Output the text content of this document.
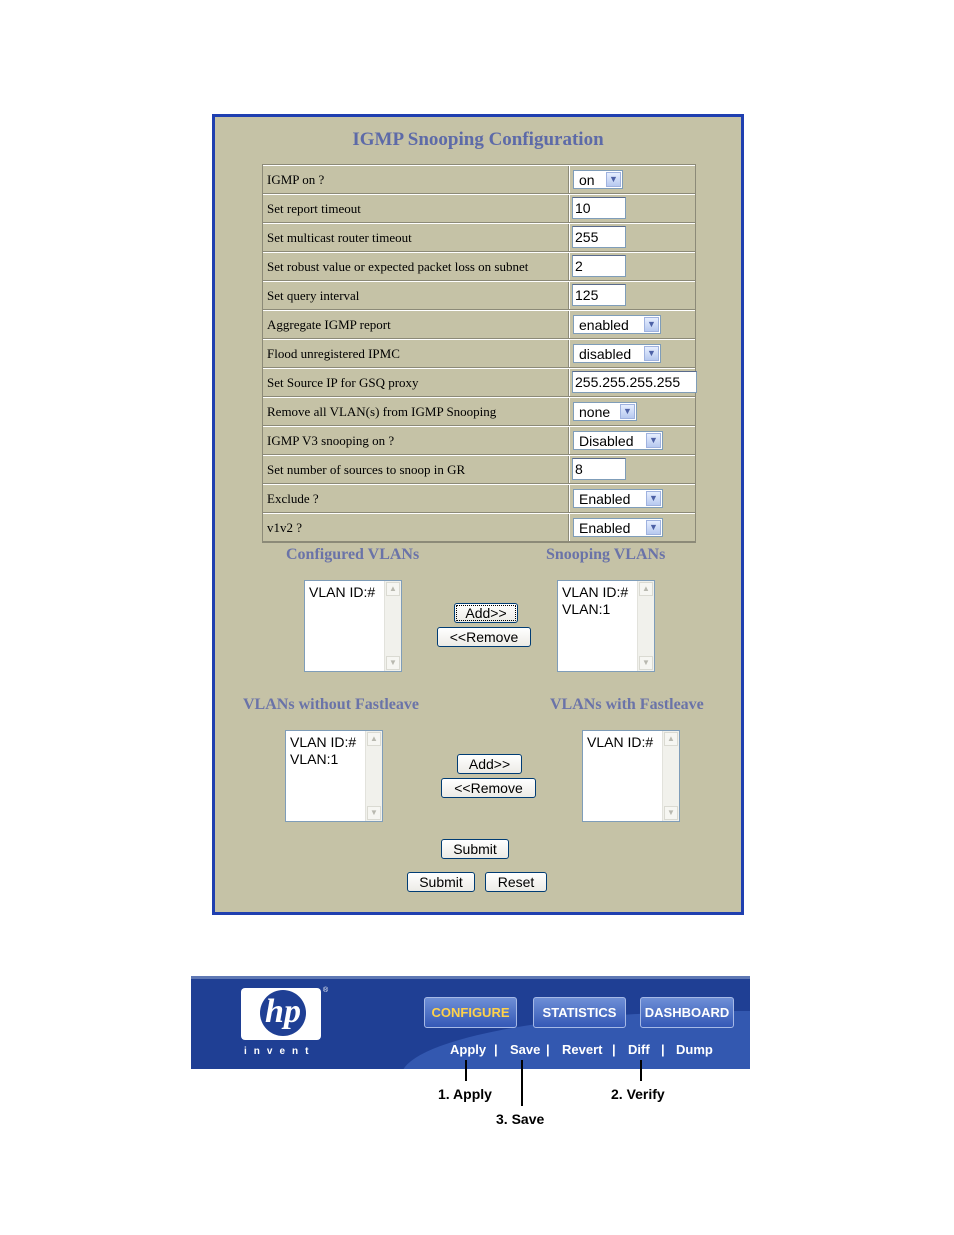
IGMP Snooping Configuration
IGMP on ?	on	▼
Set report timeout	10
Set multicast router timeout	255
Set robust value or expected packet loss on subnet	2
Set query interval	125
Aggregate IGMP report	enabled	▼
Flood unregistered IPMC	disabled	▼
Set Source IP for GSQ proxy	255.255.255.255
Remove all VLAN(s) from IGMP Snooping	none	▼
IGMP V3 snooping on ?	Disabled	▼
Set number of sources to snoop in GR	8
Exclude ?	Enabled	▼
v1v2 ?	Enabled	▼
Configured VLANs	Snooping VLANs
VLAN ID:#	▲
▼
Add>>
<<Remove
VLAN ID:#
VLAN:1
▲
▼
VLANs without Fastleave	VLANs with Fastleave
VLAN ID:#
VLAN:1
▲
▼
Add>>
<<Remove
VLAN ID:#	▲
▼
Submit
Submit	Reset
hp
®
invent
CONFIGURE	STATISTICS	DASHBOARD
Apply | Save | Revert | Diff | Dump
1. Apply	2. Verify
3. Save
